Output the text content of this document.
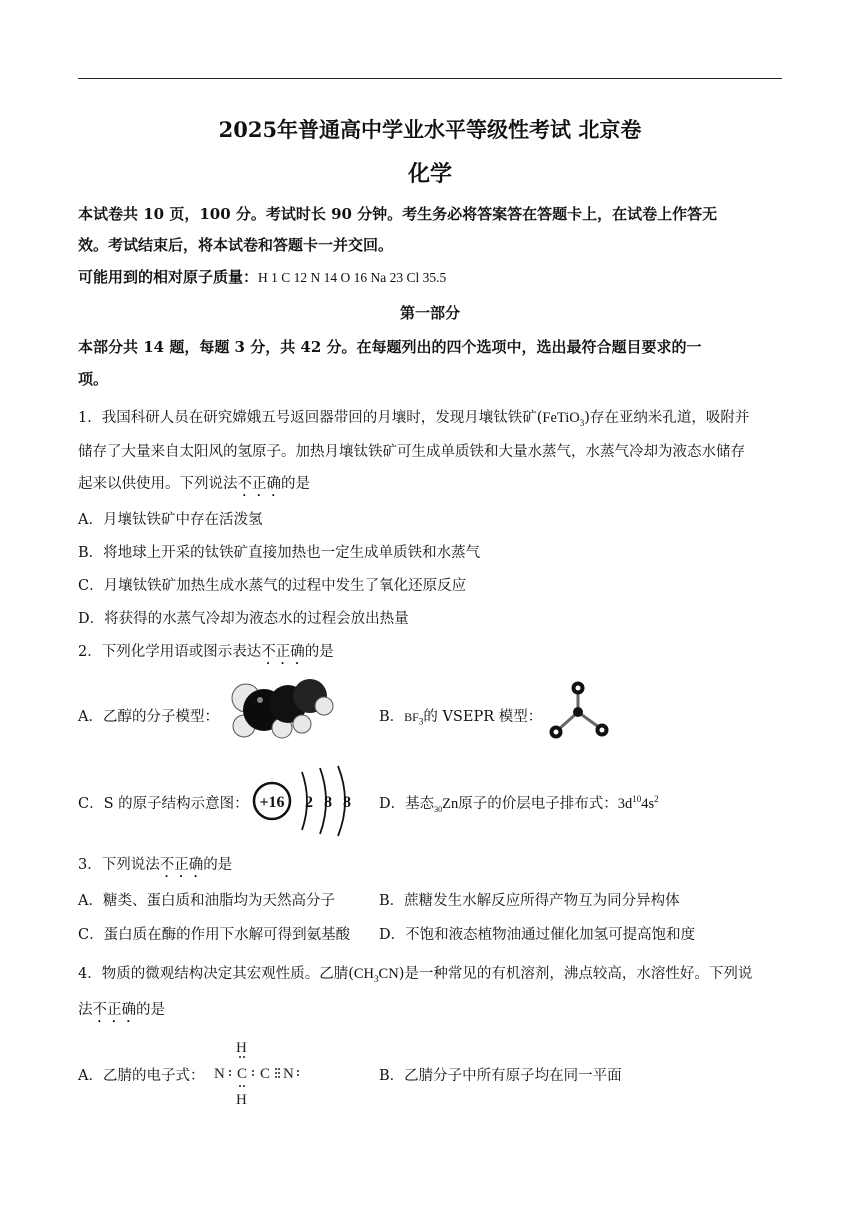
2025年普通高中学业水平等级性考试 北京卷
化学
本试卷共 10 页，100 分。考试时长 90 分钟。考生务必将答案答在答题卡上，在试卷上作答无
效。考试结束后，将本试卷和答题卡一并交回。
可能用到的相对原子质量：H 1 C 12 N 14 O 16 Na 23 Cl 35.5
第一部分
本部分共 14 题，每题 3 分，共 42 分。在每题列出的四个选项中，选出最符合题目要求的一
项。
1．我国科研人员在研究嫦娥五号返回器带回的月壤时，发现月壤钛铁矿(FeTiO$_3$)存在亚纳米孔道，吸附并
储存了大量来自太阳风的氢原子。加热月壤钛铁矿可生成单质铁和大量水蒸气，水蒸气冷却为液态水储存
起来以供使用。下列说法不正确的是
A．月壤钛铁矿中存在活泼氢
B．将地球上开采的钛铁矿直接加热也一定生成单质铁和水蒸气
C．月壤钛铁矿加热生成水蒸气的过程中发生了氧化还原反应
D．将获得的水蒸气冷却为液态水的过程会放出热量
2．下列化学用语或图示表达不正确的是
A．乙醇的分子模型：	B．$BF_3$的 VSEPR 模型：
C．S 的原子结构示意图： +16 2 8 8 D．基态$_{30}$Zn原子的价层电子排布式：$3d^{10}4s^2$
3．下列说法不正确的是
A．糖类、蛋白质和油脂均为天然高分子	B．蔗糖发生水解反应所得产物互为同分异构体
C．蛋白质在酶的作用下水解可得到氨基酸 D．不饱和液态植物油通过催化加氢可提高饱和度
4．物质的微观结构决定其宏观性质。乙腈$(CH_3CN)$是一种常见的有机溶剂，沸点较高，水溶性好。下列说
法不正确的是
A．乙腈的电子式：
H
N C C N
H
B．乙腈分子中所有原子均在同一平面
